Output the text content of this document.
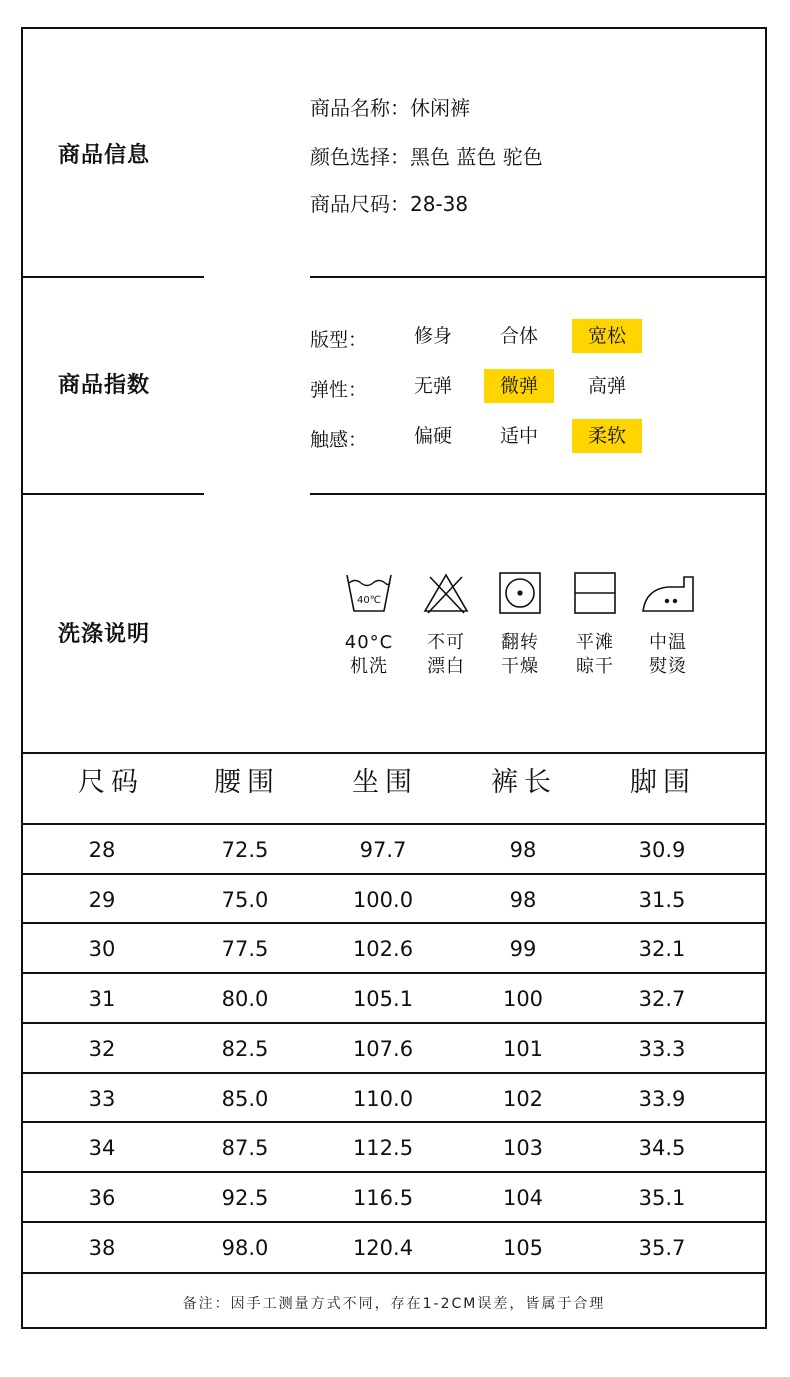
商品信息
商品名称：休闲裤
颜色选择：黑色 蓝色 驼色
商品尺码：28-38
商品指数
版型：	修身	合体	宽松
弹性：	无弹	微弹	高弹
触感：	偏硬	适中	柔软
洗涤说明
40℃
40°C
机洗
不可
漂白
翻转
干燥
平滩
晾干
中温
熨烫
尺码	腰围	坐围	裤长	脚围
28	72.5	97.7	98	30.9
29	75.0	100.0	98	31.5
30	77.5	102.6	99	32.1
31	80.0	105.1	100	32.7
32	82.5	107.6	101	33.3
33	85.0	110.0	102	33.9
34	87.5	112.5	103	34.5
36	92.5	116.5	104	35.1
38	98.0	120.4	105	35.7
备注：因手工测量方式不同，存在1-2CM误差，皆属于合理
